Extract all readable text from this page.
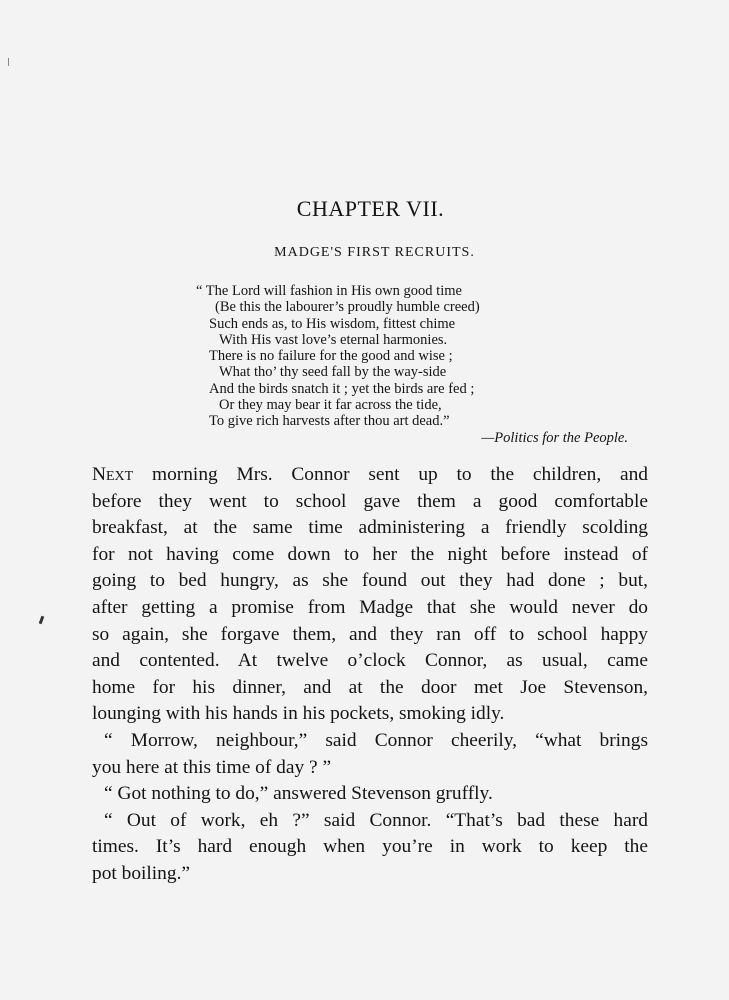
CHAPTER VII.
MADGE'S FIRST RECRUITS.
“ The Lord will fashion in His own good time
(Be this the labourer’s proudly humble creed)
Such ends as, to His wisdom, fittest chime
With His vast love’s eternal harmonies.
There is no failure for the good and wise ;
What tho’ thy seed fall by the way-side
And the birds snatch it ; yet the birds are fed ;
Or they may bear it far across the tide,
To give rich harvests after thou art dead.”
—Politics for the People.

Next morning Mrs. Connor sent up to the children, and
before they went to school gave them a good comfortable
breakfast, at the same time administering a friendly scolding
for not having come down to her the night before instead of
going to bed hungry, as she found out they had done ; but,
after getting a promise from Madge that she would never do
so again, she forgave them, and they ran off to school happy
and contented. At twelve o’clock Connor, as usual, came
home for his dinner, and at the door met Joe Stevenson,
lounging with his hands in his pockets, smoking idly.

“ Morrow, neighbour,” said Connor cheerily, “what brings
you here at this time of day ? ”

“ Got nothing to do,” answered Stevenson gruffly.

“ Out of work, eh ?” said Connor. “That’s bad these hard
times. It’s hard enough when you’re in work to keep the
pot boiling.”
